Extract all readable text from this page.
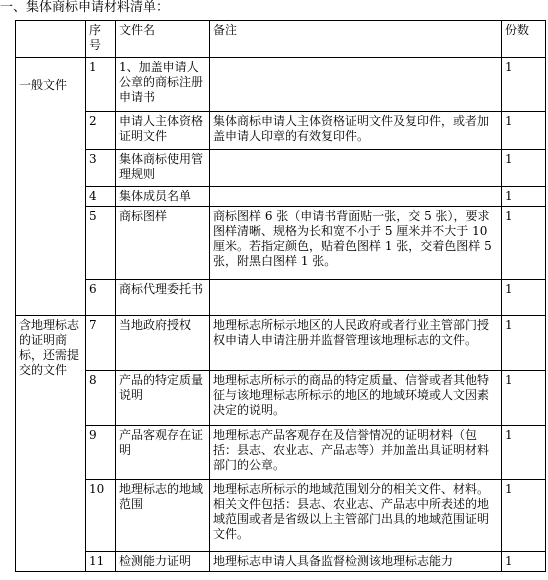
一、集体商标申请材料清单：
	序号	文件名	备注	份数
一般文件	1	1、加盖申请人公章的商标注册申请书		1
	2	申请人主体资格证明文件	集体商标申请人主体资格证明文件及复印件，或者加盖申请人印章的有效复印件。	1
	3	集体商标使用管理规则		1
	4	集体成员名单		1
	5	商标图样	商标图样 6 张（申请书背面贴一张，交 5 张），要求图样清晰、规格为长和宽不小于 5 厘米并不大于 10 厘米。若指定颜色，贴着色图样 1 张，交着色图样 5 张，附黑白图样 1 张。	1
	6	商标代理委托书		1
含地理标志的证明商标，还需提交的文件	7	当地政府授权	地理标志所标示地区的人民政府或者行业主管部门授权申请人申请注册并监督管理该地理标志的文件。	1
	8	产品的特定质量说明	地理标志所标示的商品的特定质量、信誉或者其他特征与该地理标志所标示的地区的地域环境或人文因素决定的说明。	1
	9	产品客观存在证明	地理标志产品客观存在及信誉情况的证明材料（包括：县志、农业志、产品志等）并加盖出具证明材料部门的公章。	1
	10	地理标志的地域范围	地理标志所标示的地域范围划分的相关文件、材料。相关文件包括：县志、农业志、产品志中所表述的地域范围或者是省级以上主管部门出具的地域范围证明文件。	1
	11	检测能力证明	地理标志申请人具备监督检测该地理标志能力	1
